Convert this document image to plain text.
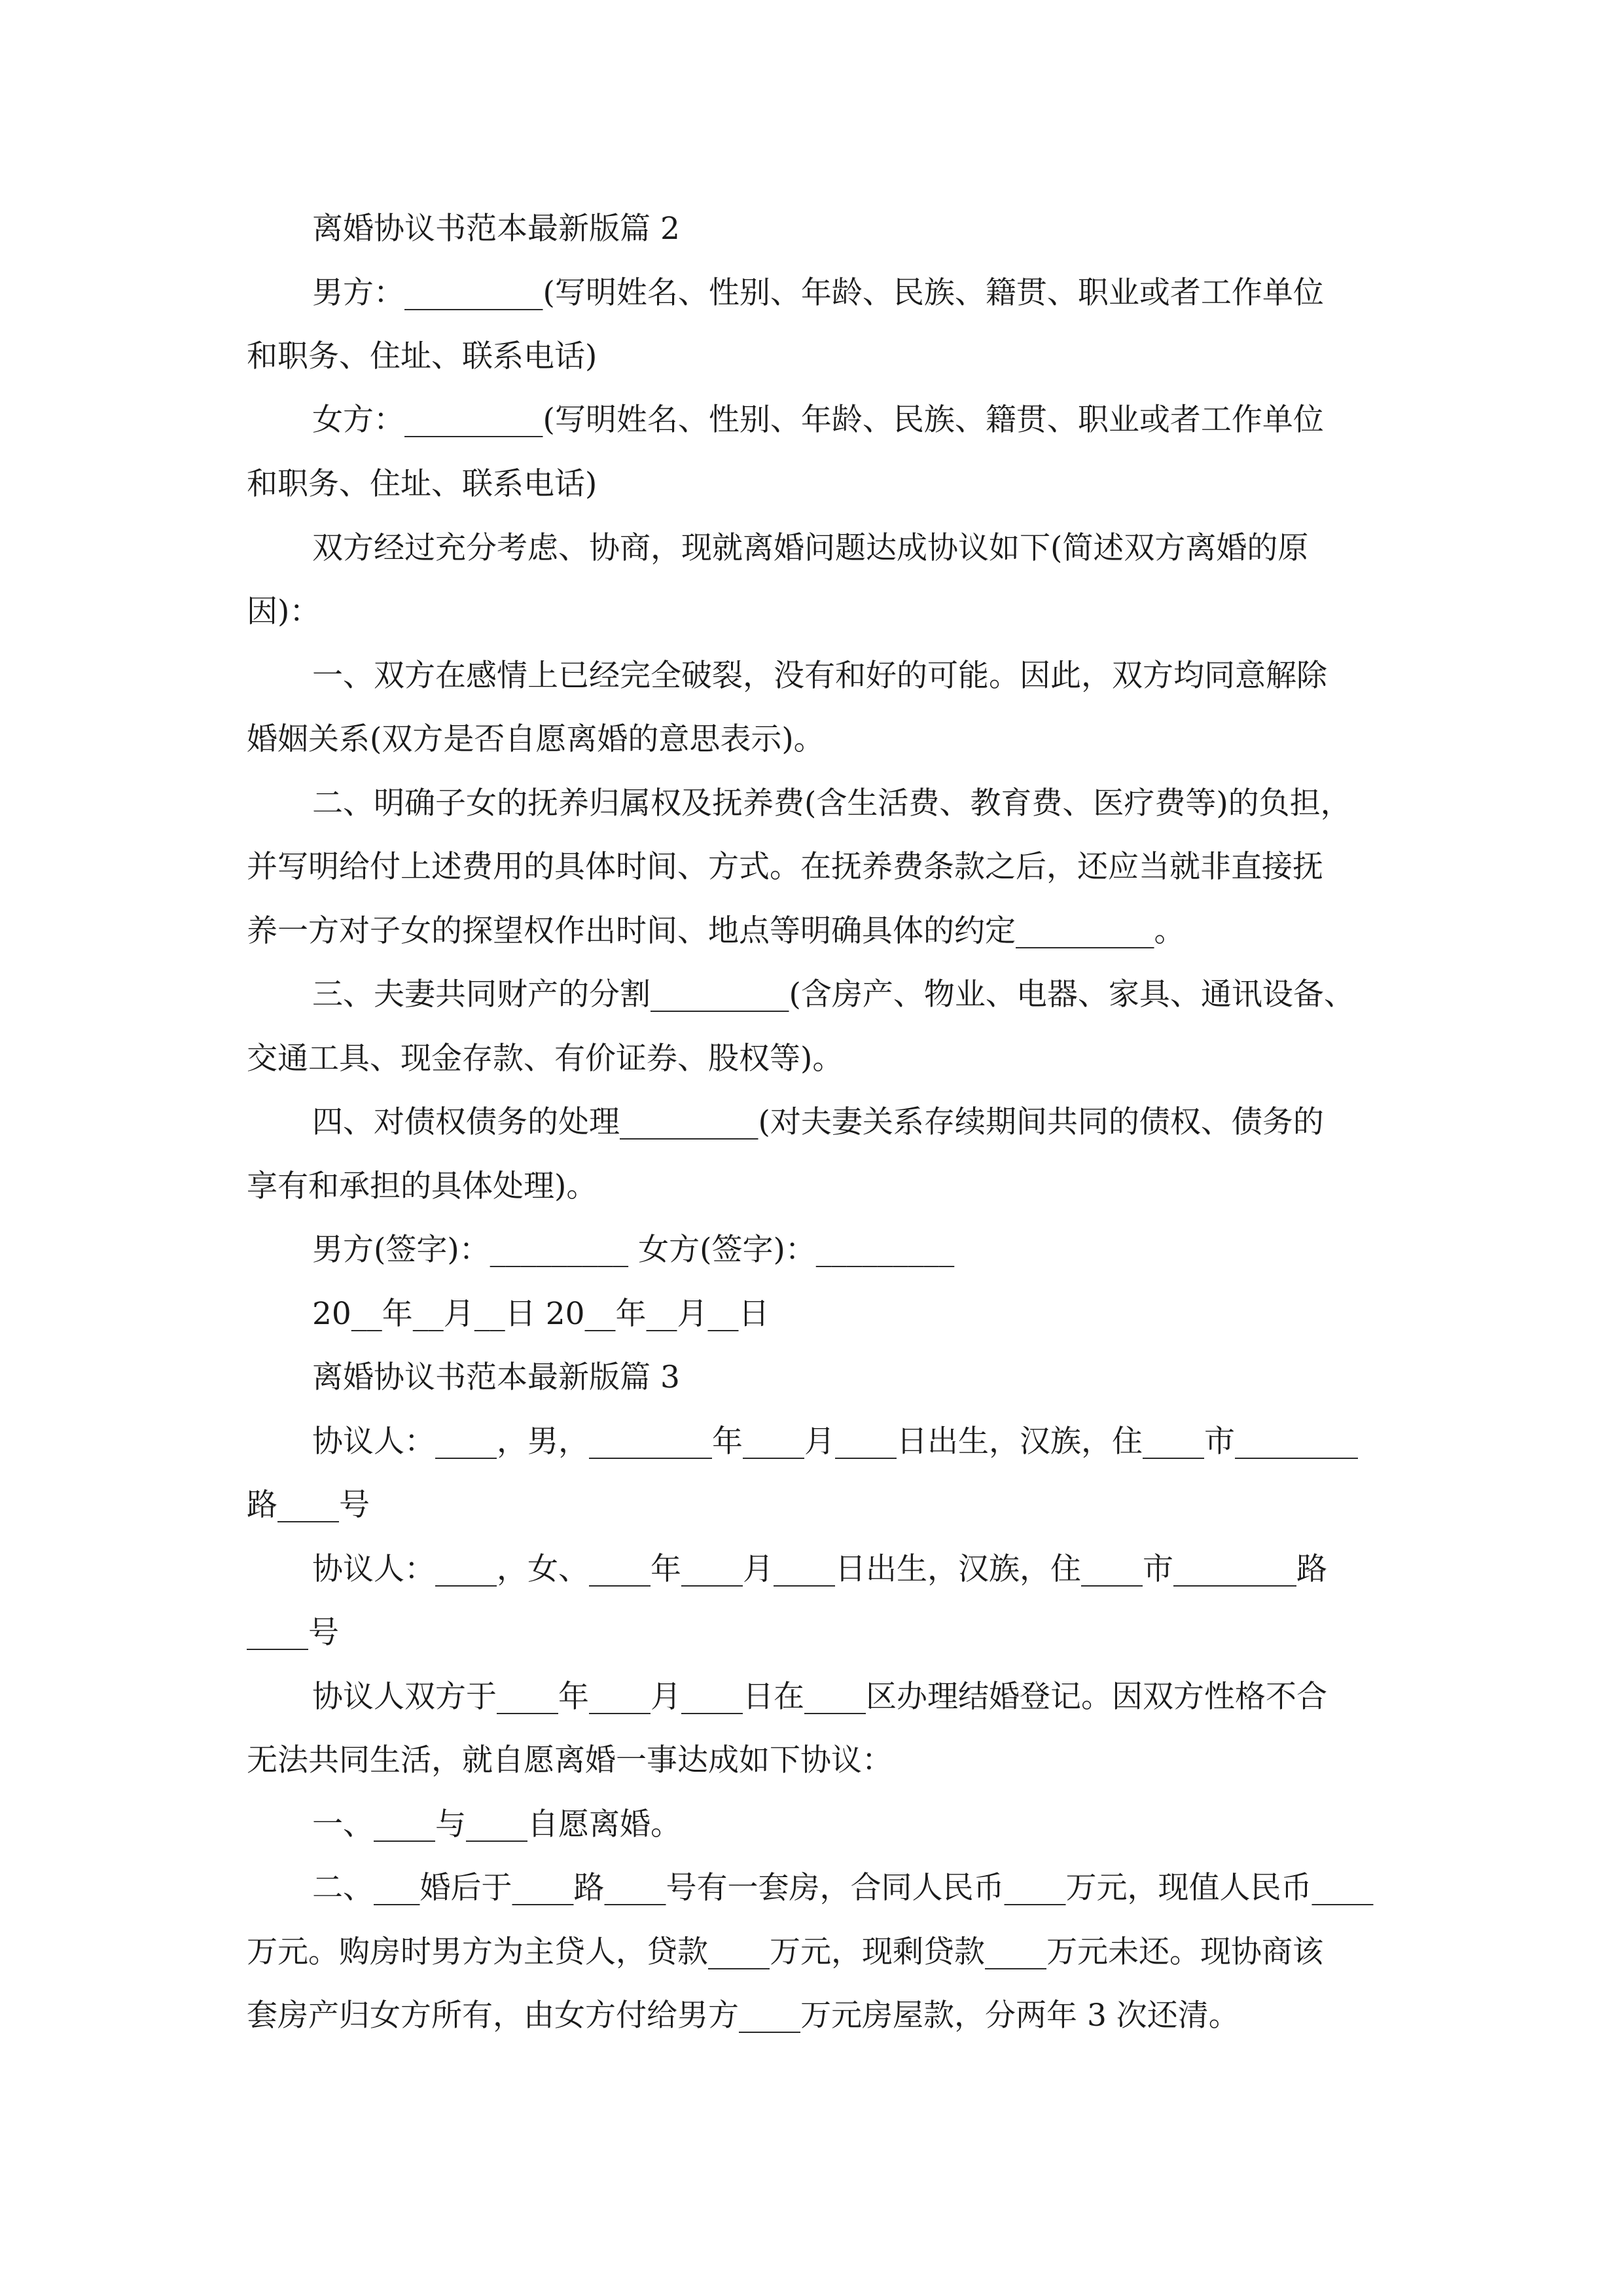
离婚协议书范本最新版篇 2
男方：_________(写明姓名、性别、年龄、民族、籍贯、职业或者工作单位
和职务、住址、联系电话)
女方：_________(写明姓名、性别、年龄、民族、籍贯、职业或者工作单位
和职务、住址、联系电话)
双方经过充分考虑、协商，现就离婚问题达成协议如下(简述双方离婚的原
因)：
一、双方在感情上已经完全破裂，没有和好的可能。因此，双方均同意解除
婚姻关系(双方是否自愿离婚的意思表示)。
二、明确子女的抚养归属权及抚养费(含生活费、教育费、医疗费等)的负担，
并写明给付上述费用的具体时间、方式。在抚养费条款之后，还应当就非直接抚
养一方对子女的探望权作出时间、地点等明确具体的约定_________。
三、夫妻共同财产的分割_________(含房产、物业、电器、家具、通讯设备、
交通工具、现金存款、有价证券、股权等)。
四、对债权债务的处理_________(对夫妻关系存续期间共同的债权、债务的
享有和承担的具体处理)。
男方(签字)：_________ 女方(签字)：_________
20__年__月__日 20__年__月__日
离婚协议书范本最新版篇 3
协议人：____，男，________年____月____日出生，汉族，住____市________
路____号
协议人：____，女、____年____月____日出生，汉族，住____市________路
____号
协议人双方于____年____月____日在____区办理结婚登记。因双方性格不合
无法共同生活，就自愿离婚一事达成如下协议：
一、____与____自愿离婚。
二、___婚后于____路____号有一套房，合同人民币____万元，现值人民币____
万元。购房时男方为主贷人，贷款____万元，现剩贷款____万元未还。现协商该
套房产归女方所有，由女方付给男方____万元房屋款，分两年 3 次还清。
